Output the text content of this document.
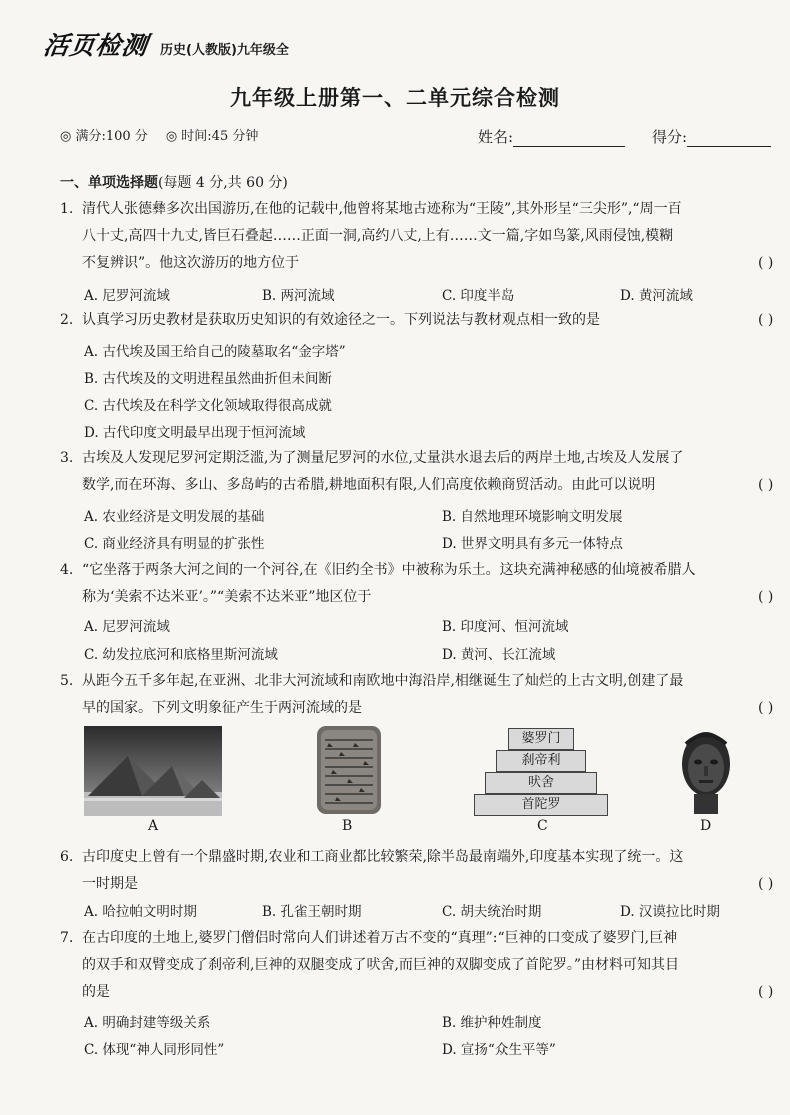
活页检测 历史(人教版)九年级全
九年级上册第一、二单元综合检测
◎ 满分:100 分 ◎ 时间:45 分钟	姓名:	得分:
一、单项选择题(每题 4 分,共 60 分)
1. 清代人张德彝多次出国游历,在他的记载中,他曾将某地古迹称为“王陵”,其外形呈“三尖形”,“周一百
八十丈,高四十九丈,皆巨石叠起……正面一洞,高约八丈,上有……文一篇,字如鸟篆,风雨侵蚀,模糊
不复辨识”。他这次游历的地方位于	( )
A. 尼罗河流域	B. 两河流域	C. 印度半岛	D. 黄河流域
2. 认真学习历史教材是获取历史知识的有效途径之一。下列说法与教材观点相一致的是	( )
A. 古代埃及国王给自己的陵墓取名“金字塔”
B. 古代埃及的文明进程虽然曲折但未间断
C. 古代埃及在科学文化领域取得很高成就
D. 古代印度文明最早出现于恒河流域
3. 古埃及人发现尼罗河定期泛滥,为了测量尼罗河的水位,丈量洪水退去后的两岸土地,古埃及人发展了
数学,而在环海、多山、多岛屿的古希腊,耕地面积有限,人们高度依赖商贸活动。由此可以说明	( )
A. 农业经济是文明发展的基础	B. 自然地理环境影响文明发展
C. 商业经济具有明显的扩张性	D. 世界文明具有多元一体特点
4. “它坐落于两条大河之间的一个河谷,在《旧约全书》中被称为乐土。这块充满神秘感的仙境被希腊人
称为‘美索不达米亚’。”“美索不达米亚”地区位于	( )
A. 尼罗河流域	B. 印度河、恒河流域
C. 幼发拉底河和底格里斯河流域	D. 黄河、长江流域
5. 从距今五千多年起,在亚洲、北非大河流域和南欧地中海沿岸,相继诞生了灿烂的上古文明,创建了最
早的国家。下列文明象征产生于两河流域的是	( )
A	B
婆罗门
刹帝利
吠舍
首陀罗
C	D
6. 古印度史上曾有一个鼎盛时期,农业和工商业都比较繁荣,除半岛最南端外,印度基本实现了统一。这
一时期是	( )
A. 哈拉帕文明时期	B. 孔雀王朝时期	C. 胡夫统治时期	D. 汉谟拉比时期
7. 在古印度的土地上,婆罗门僧侣时常向人们讲述着万古不变的“真理”:“巨神的口变成了婆罗门,巨神
的双手和双臂变成了刹帝利,巨神的双腿变成了吠舍,而巨神的双脚变成了首陀罗。”由材料可知其目
的是	( )
A. 明确封建等级关系	B. 维护种姓制度
C. 体现“神人同形同性”	D. 宣扬“众生平等”
